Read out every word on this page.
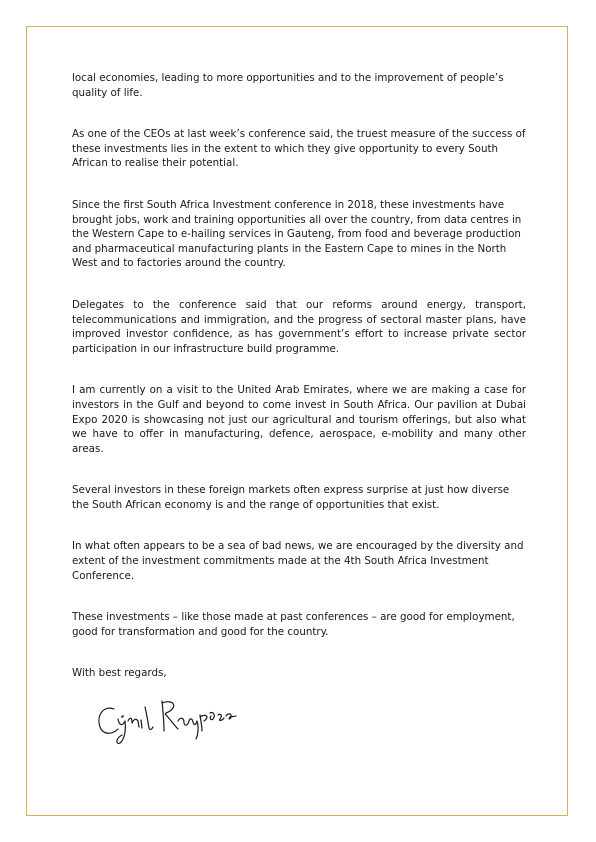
local economies, leading to more opportunities and to the improvement of people’s quality of life.

As one of the CEOs at last week’s conference said, the truest measure of the success of these investments lies in the extent to which they give opportunity to every South African to realise their potential.

Since the first South Africa Investment conference in 2018, these investments have brought jobs, work and training opportunities all over the country, from data centres in the Western Cape to e-hailing services in Gauteng, from food and beverage production and pharmaceutical manufacturing plants in the Eastern Cape to mines in the North West and to factories around the country.

Delegates to the conference said that our reforms around energy, transport, telecommunications and immigration, and the progress of sectoral master plans, have improved investor confidence, as has government’s effort to increase private sector participation in our infrastructure build programme.

I am currently on a visit to the United Arab Emirates, where we are making a case for investors in the Gulf and beyond to come invest in South Africa. Our pavilion at Dubai Expo 2020 is showcasing not just our agricultural and tourism offerings, but also what we have to offer in manufacturing, defence, aerospace, e-mobility and many other areas.

Several investors in these foreign markets often express surprise at just how diverse the South African economy is and the range of opportunities that exist.

In what often appears to be a sea of bad news, we are encouraged by the diversity and extent of the investment commitments made at the 4th South Africa Investment Conference.

These investments – like those made at past conferences – are good for employment, good for transformation and good for the country.

With best regards,
